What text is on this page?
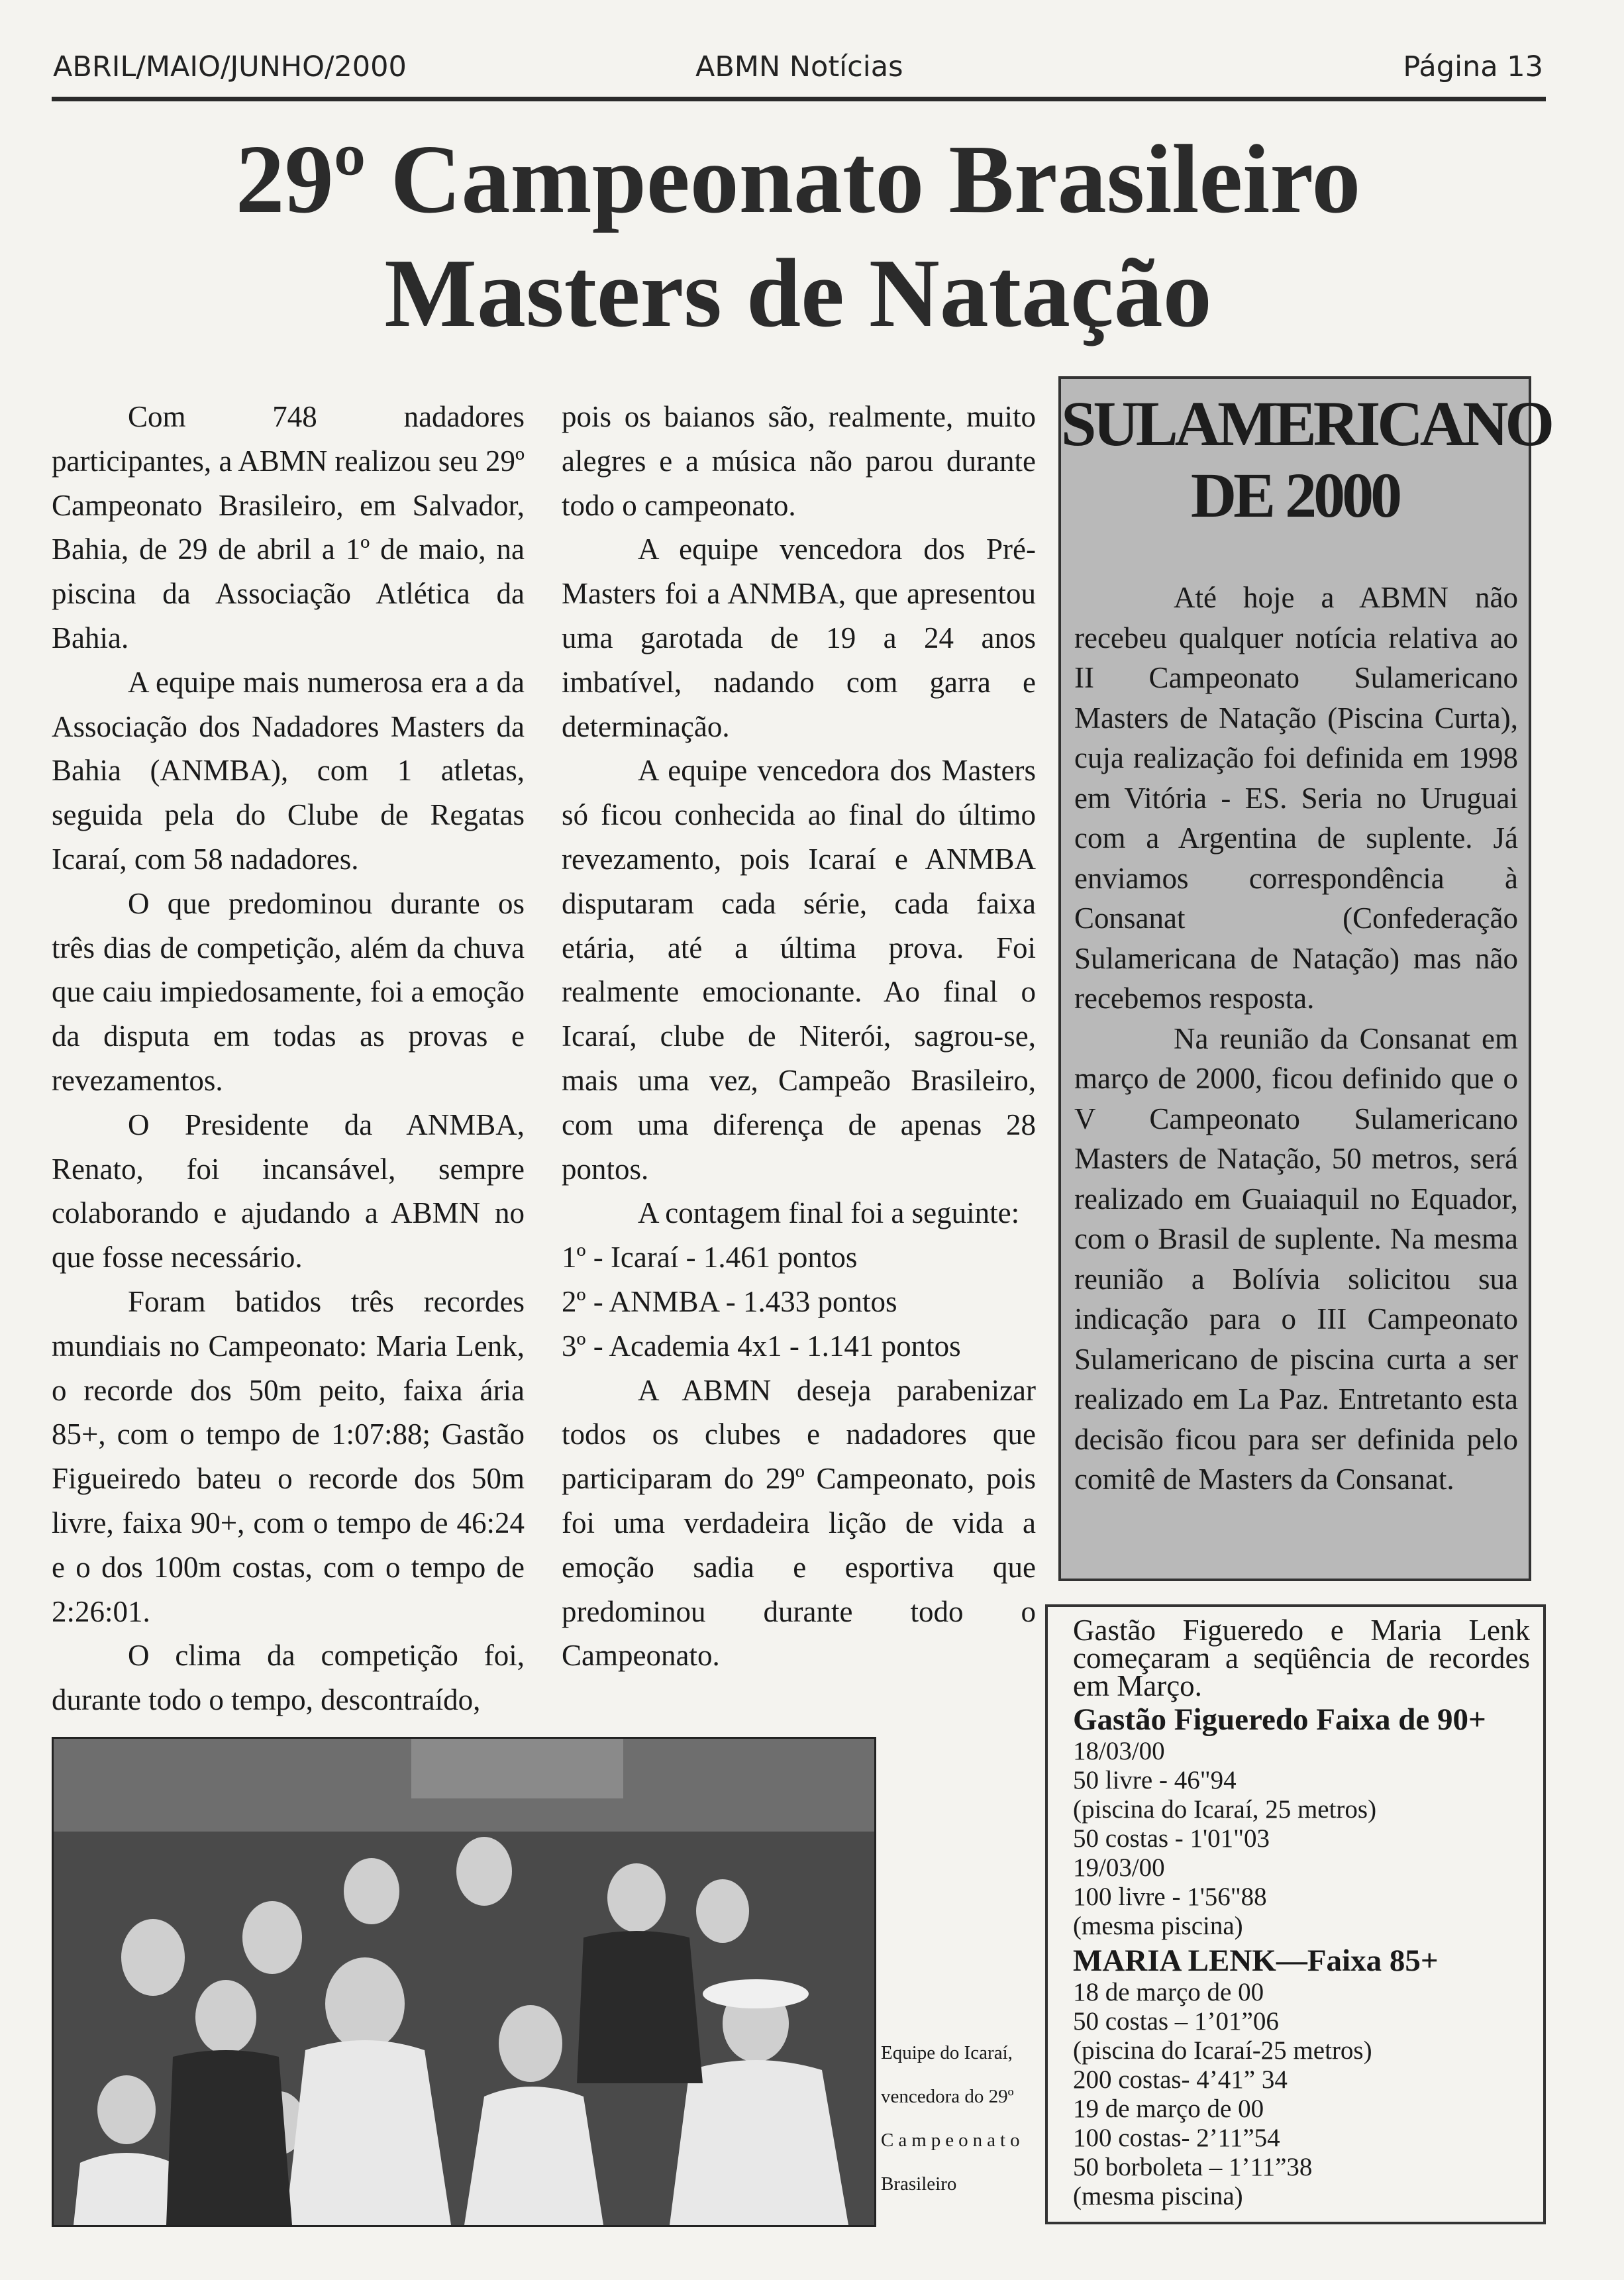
ABRIL/MAIO/JUNHO/2000	ABMN Notícias	Página 13
29º Campeonato Brasileiro
Masters de Natação

Com 748 nadadores participantes, a ABMN realizou seu 29º Campeonato Brasileiro, em Salvador, Bahia, de 29 de abril a 1º de maio, na piscina da Associação Atlética da Bahia.

A equipe mais numerosa era a da Associação dos Nadadores Masters da Bahia (ANMBA), com 1 atletas, seguida pela do Clube de Regatas Icaraí, com 58 nadadores.

O que predominou durante os três dias de competição, além da chuva que caiu impiedosamente, foi a emoção da disputa em todas as provas e revezamentos.

O Presidente da ANMBA, Renato, foi incansável, sempre colaborando e ajudando a ABMN no que fosse necessário.

Foram batidos três recordes mundiais no Campeonato: Maria Lenk, o recorde dos 50m peito, faixa ária 85+, com o tempo de 1:07:88; Gastão Figueiredo bateu o recorde dos 50m livre, faixa 90+, com o tempo de 46:24 e o dos 100m costas, com o tempo de 2:26:01.

O clima da competição foi, durante todo o tempo, descontraído,

pois os baianos são, realmente, muito alegres e a música não parou durante todo o campeonato.

A equipe vencedora dos Pré-Masters foi a ANMBA, que apresentou uma garotada de 19 a 24 anos imbatível, nadando com garra e determinação.

A equipe vencedora dos Masters só ficou conhecida ao final do último revezamento, pois Icaraí e ANMBA disputaram cada série, cada faixa etária, até a última prova. Foi realmente emocionante. Ao final o Icaraí, clube de Niterói, sagrou-se, mais uma vez, Campeão Brasileiro, com uma diferença de apenas 28 pontos.

A contagem final foi a seguinte:

1º - Icaraí - 1.461 pontos

2º - ANMBA - 1.433 pontos

3º - Academia 4x1 - 1.141 pontos

A ABMN deseja parabenizar todos os clubes e nadadores que participaram do 29º Campeonato, pois foi uma verdadeira lição de vida a emoção sadia e esportiva que predominou durante todo o Campeonato.

SULAMERICANO
DE 2000

Até hoje a ABMN não recebeu qualquer notícia relativa ao II Campeonato Sulamericano Masters de Natação (Piscina Curta), cuja realização foi definida em 1998 em Vitória - ES. Seria no Uruguai com a Argentina de suplente. Já enviamos correspondência à Consanat (Confederação Sulamericana de Natação) mas não recebemos resposta.

Na reunião da Consanat em março de 2000, ficou definido que o V Campeonato Sulamericano Masters de Natação, 50 metros, será realizado em Guaiaquil no Equador, com o Brasil de suplente. Na mesma reunião a Bolívia solicitou sua indicação para o III Campeonato Sulamericano de piscina curta a ser realizado em La Paz. Entretanto esta decisão ficou para ser definida pelo comitê de Masters da Consanat.

Gastão Figueredo e Maria Lenk começaram a seqüência de recordes em Março.

Gastão Figueredo Faixa de 90+

18/03/00

50 livre - 46"94

(piscina do Icaraí, 25 metros)

50 costas - 1'01"03

19/03/00

100 livre - 1'56"88

(mesma piscina)

MARIA LENK—Faixa 85+

18 de março de 00

50 costas – 1’01”06

(piscina do Icaraí-25 metros)

200 costas- 4’41” 34

19 de março de 00

100 costas- 2’11”54

50 borboleta – 1’11”38

(mesma piscina)

Equipe do Icaraí,
vencedora do 29º
Campeonato
Brasileiro
